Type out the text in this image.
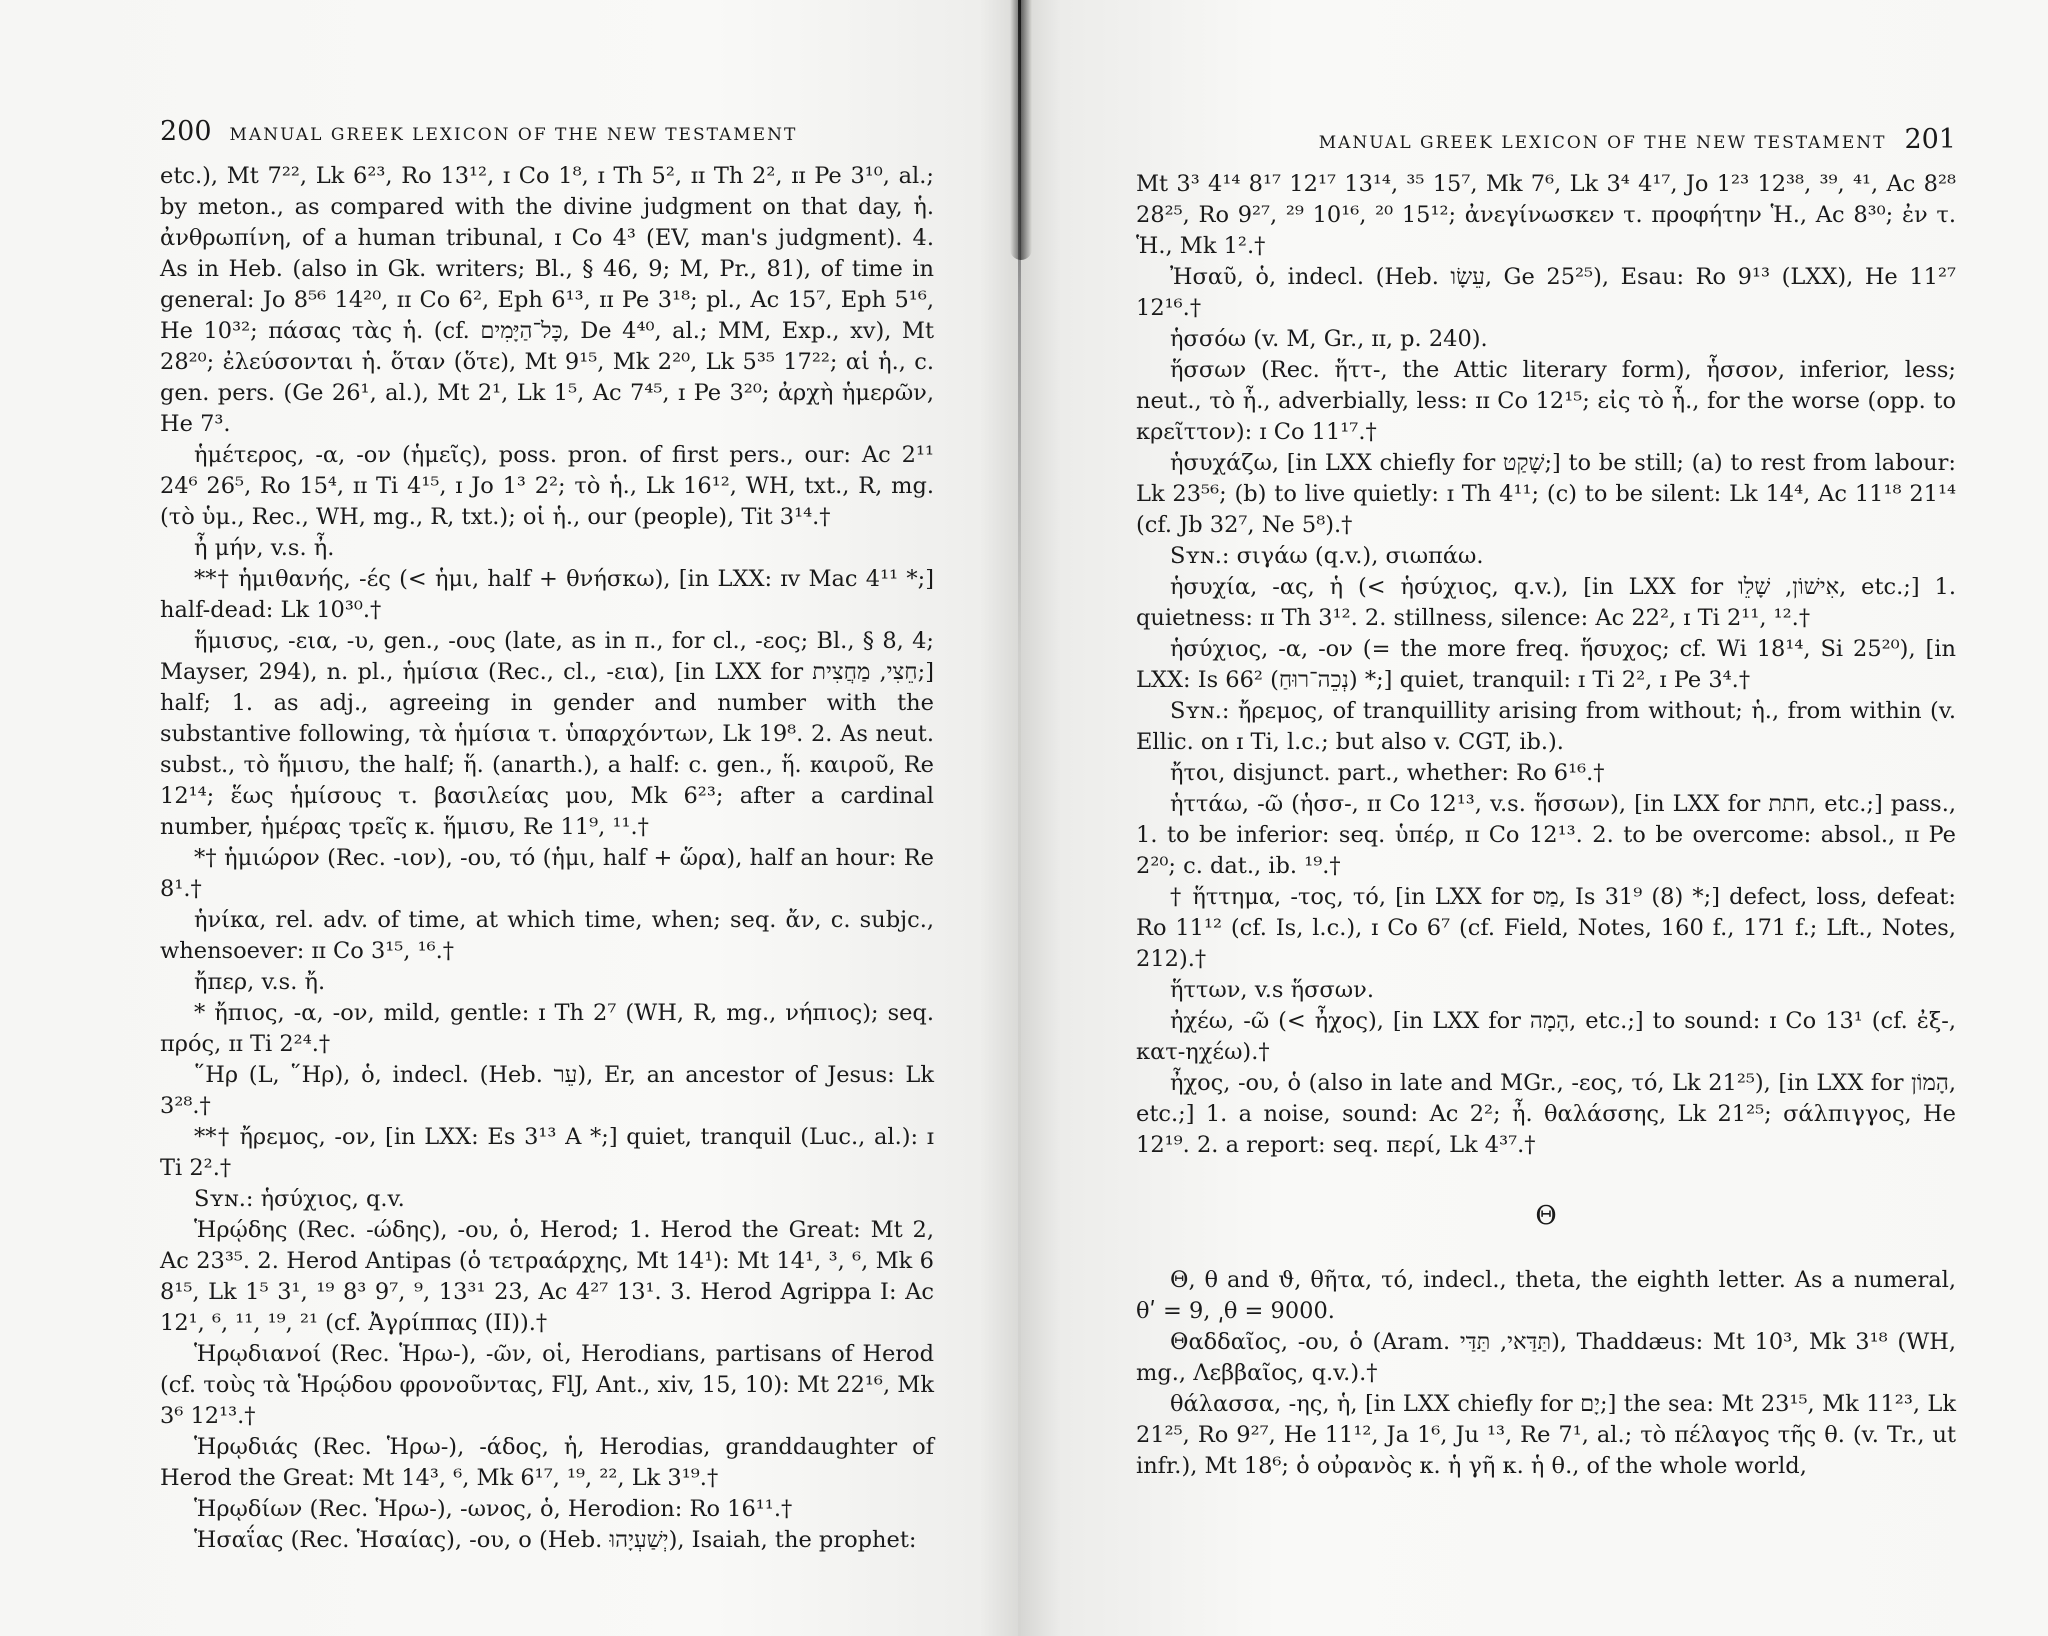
200 MANUAL GREEK LEXICON OF THE NEW TESTAMENT

etc.), Mt 7²², Lk 6²³, Ro 13¹², ɪ Co 1⁸, ɪ Th 5², ɪɪ Th 2², ɪɪ Pe 3¹⁰, al.; by meton., as compared with the divine judgment on that day, ἡ. ἀνθρωπίνη, of a human tribunal, ɪ Co 4³ (EV, man's judgment). 4. As in Heb. (also in Gk. writers; Bl., § 46, 9; M, Pr., 81), of time in general: Jo 8⁵⁶ 14²⁰, ɪɪ Co 6², Eph 6¹³, ɪɪ Pe 3¹⁸; pl., Ac 15⁷, Eph 5¹⁶, He 10³²; πάσας τὰς ἡ. (cf. כָּל־הַיָּמִים, De 4⁴⁰, al.; MM, Exp., xv), Mt 28²⁰; ἐλεύσονται ἡ. ὅταν (ὅτε), Mt 9¹⁵, Mk 2²⁰, Lk 5³⁵ 17²²; αἱ ἡ., c. gen. pers. (Ge 26¹, al.), Mt 2¹, Lk 1⁵, Ac 7⁴⁵, ɪ Pe 3²⁰; ἀρχὴ ἡμερῶν, He 7³.

ἡμέτερος, -α, -ον (ἡμεῖς), poss. pron. of first pers., our: Ac 2¹¹ 24⁶ 26⁵, Ro 15⁴, ɪɪ Ti 4¹⁵, ɪ Jo 1³ 2²; τὸ ἡ., Lk 16¹², WH, txt., R, mg. (τὸ ὑμ., Rec., WH, mg., R, txt.); οἱ ἡ., our (people), Tit 3¹⁴.†

ἦ μήν, v.s. ἦ.

**† ἡμιθανής, -ές (< ἡμι, half + θνήσκω), [in LXX: ɪᴠ Mac 4¹¹ *;] half-dead: Lk 10³⁰.†

ἥμισυς, -εια, -υ, gen., -ους (late, as in π., for cl., -εος; Bl., § 8, 4; Mayser, 294), n. pl., ἡμίσια (Rec., cl., -εια), [in LXX for חֵצִי, מַחֲצִית;] half; 1. as adj., agreeing in gender and number with the substantive following, τὰ ἡμίσια τ. ὑπαρχόντων, Lk 19⁸. 2. As neut. subst., τὸ ἥμισυ, the half; ἥ. (anarth.), a half: c. gen., ἥ. καιροῦ, Re 12¹⁴; ἕως ἡμίσους τ. βασιλείας μου, Mk 6²³; after a cardinal number, ἡμέρας τρεῖς κ. ἥμισυ, Re 11⁹, ¹¹.†

*† ἡμιώρον (Rec. -ιον), -ου, τό (ἡμι, half + ὥρα), half an hour: Re 8¹.†

ἡνίκα, rel. adv. of time, at which time, when; seq. ἄν, c. subjc., whensoever: ɪɪ Co 3¹⁵, ¹⁶.†

ἤπερ, v.s. ἤ.

* ἤπιος, -α, -ον, mild, gentle: ɪ Th 2⁷ (WH, R, mg., νήπιος); seq. πρός, ɪɪ Ti 2²⁴.†

῞Ηρ (L, ῞Ηρ), ὁ, indecl. (Heb. עֵר), Er, an ancestor of Jesus: Lk 3²⁸.†

**† ἤρεμος, -ον, [in LXX: Es 3¹³ A *;] quiet, tranquil (Luc., al.): ɪ Ti 2².†

Sʏɴ.: ἡσύχιος, q.v.

Ἡρῴδης (Rec. -ώδης), -ου, ὁ, Herod; 1. Herod the Great: Mt 2, Ac 23³⁵. 2. Herod Antipas (ὁ τετραάρχης, Mt 14¹): Mt 14¹, ³, ⁶, Mk 6 8¹⁵, Lk 1⁵ 3¹, ¹⁹ 8³ 9⁷, ⁹, 13³¹ 23, Ac 4²⁷ 13¹. 3. Herod Agrippa I: Ac 12¹, ⁶, ¹¹, ¹⁹, ²¹ (cf. Ἀγρίππας (II)).†

Ἡρῳδιανοί (Rec. Ἡρω-), -ῶν, οἱ, Herodians, partisans of Herod (cf. τοὺς τὰ Ἡρῴδου φρονοῦντας, FlJ, Ant., xiv, 15, 10): Mt 22¹⁶, Mk 3⁶ 12¹³.†

Ἡρῳδιάς (Rec. Ἡρω-), -άδος, ἡ, Herodias, granddaughter of Herod the Great: Mt 14³, ⁶, Mk 6¹⁷, ¹⁹, ²², Lk 3¹⁹.†

Ἡρῳδίων (Rec. Ἡρω-), -ωνος, ὁ, Herodion: Ro 16¹¹.†

Ἡσαΐας (Rec. Ἡσαίας), -ου, ο (Heb. יְשַׁעְיָהוּ), Isaiah, the prophet:

MANUAL GREEK LEXICON OF THE NEW TESTAMENT 201

Mt 3³ 4¹⁴ 8¹⁷ 12¹⁷ 13¹⁴, ³⁵ 15⁷, Mk 7⁶, Lk 3⁴ 4¹⁷, Jo 1²³ 12³⁸, ³⁹, ⁴¹, Ac 8²⁸ 28²⁵, Ro 9²⁷, ²⁹ 10¹⁶, ²⁰ 15¹²; ἀνεγίνωσκεν τ. προφήτην Ἡ., Ac 8³⁰; ἐν τ. Ἡ., Mk 1².†

Ἠσαῦ, ὁ, indecl. (Heb. עֵשָׂו, Ge 25²⁵), Esau: Ro 9¹³ (LXX), He 11²⁷ 12¹⁶.†

ἡσσόω (v. M, Gr., ɪɪ, p. 240).

ἥσσων (Rec. ἥττ-, the Attic literary form), ἧσσον, inferior, less; neut., τὸ ἧ., adverbially, less: ɪɪ Co 12¹⁵; εἰς τὸ ἧ., for the worse (opp. to κρεῖττον): ɪ Co 11¹⁷.†

ἡσυχάζω, [in LXX chiefly for שָׁקַט;] to be still; (a) to rest from labour: Lk 23⁵⁶; (b) to live quietly: ɪ Th 4¹¹; (c) to be silent: Lk 14⁴, Ac 11¹⁸ 21¹⁴ (cf. Jb 32⁷, Ne 5⁸).†

Sʏɴ.: σιγάω (q.v.), σιωπάω.

ἡσυχία, -ας, ἡ (< ἡσύχιος, q.v.), [in LXX for אִישׁוֹן, שָׁלֵו, etc.;] 1. quietness: ɪɪ Th 3¹². 2. stillness, silence: Ac 22², ɪ Ti 2¹¹, ¹².†

ἡσύχιος, -α, -ον (= the more freq. ἥσυχος; cf. Wi 18¹⁴, Si 25²⁰), [in LXX: Is 66² (נְכֵה־רוּחַ) *;] quiet, tranquil: ɪ Ti 2², ɪ Pe 3⁴.†

Sʏɴ.: ἤρεμος, of tranquillity arising from without; ἡ., from within (v. Ellic. on ɪ Ti, l.c.; but also v. CGT, ib.).

ἤτοι, disjunct. part., whether: Ro 6¹⁶.†

ἡττάω, -ῶ (ἡσσ-, ɪɪ Co 12¹³, v.s. ἥσσων), [in LXX for חתת, etc.;] pass., 1. to be inferior: seq. ὑπέρ, ɪɪ Co 12¹³. 2. to be overcome: absol., ɪɪ Pe 2²⁰; c. dat., ib. ¹⁹.†

† ἥττημα, -τος, τό, [in LXX for מַס, Is 31⁹ (8) *;] defect, loss, defeat: Ro 11¹² (cf. Is, l.c.), ɪ Co 6⁷ (cf. Field, Notes, 160 f., 171 f.; Lft., Notes, 212).†

ἥττων, v.s ἥσσων.

ἠχέω, -ῶ (< ἦχος), [in LXX for הָמָה, etc.;] to sound: ɪ Co 13¹ (cf. ἐξ-, κατ-ηχέω).†

ἦχος, -ου, ὁ (also in late and MGr., -εος, τό, Lk 21²⁵), [in LXX for הָמוֹן, etc.;] 1. a noise, sound: Ac 2²; ἦ. θαλάσσης, Lk 21²⁵; σάλπιγγος, He 12¹⁹. 2. a report: seq. περί, Lk 4³⁷.†

Θ

Θ, θ and ϑ, θῆτα, τό, indecl., theta, the eighth letter. As a numeral, θʹ = 9, ͵θ = 9000.

Θαδδαῖος, -ου, ὁ (Aram. תַּדַּאי, תַּדַּי), Thaddæus: Mt 10³, Mk 3¹⁸ (WH, mg., Λεββαῖος, q.v.).†

θάλασσα, -ης, ἡ, [in LXX chiefly for יָם;] the sea: Mt 23¹⁵, Mk 11²³, Lk 21²⁵, Ro 9²⁷, He 11¹², Ja 1⁶, Ju ¹³, Re 7¹, al.; τὸ πέλαγος τῆς θ. (v. Tr., ut infr.), Mt 18⁶; ὁ οὐρανὸς κ. ἡ γῆ κ. ἡ θ., of the whole world,
